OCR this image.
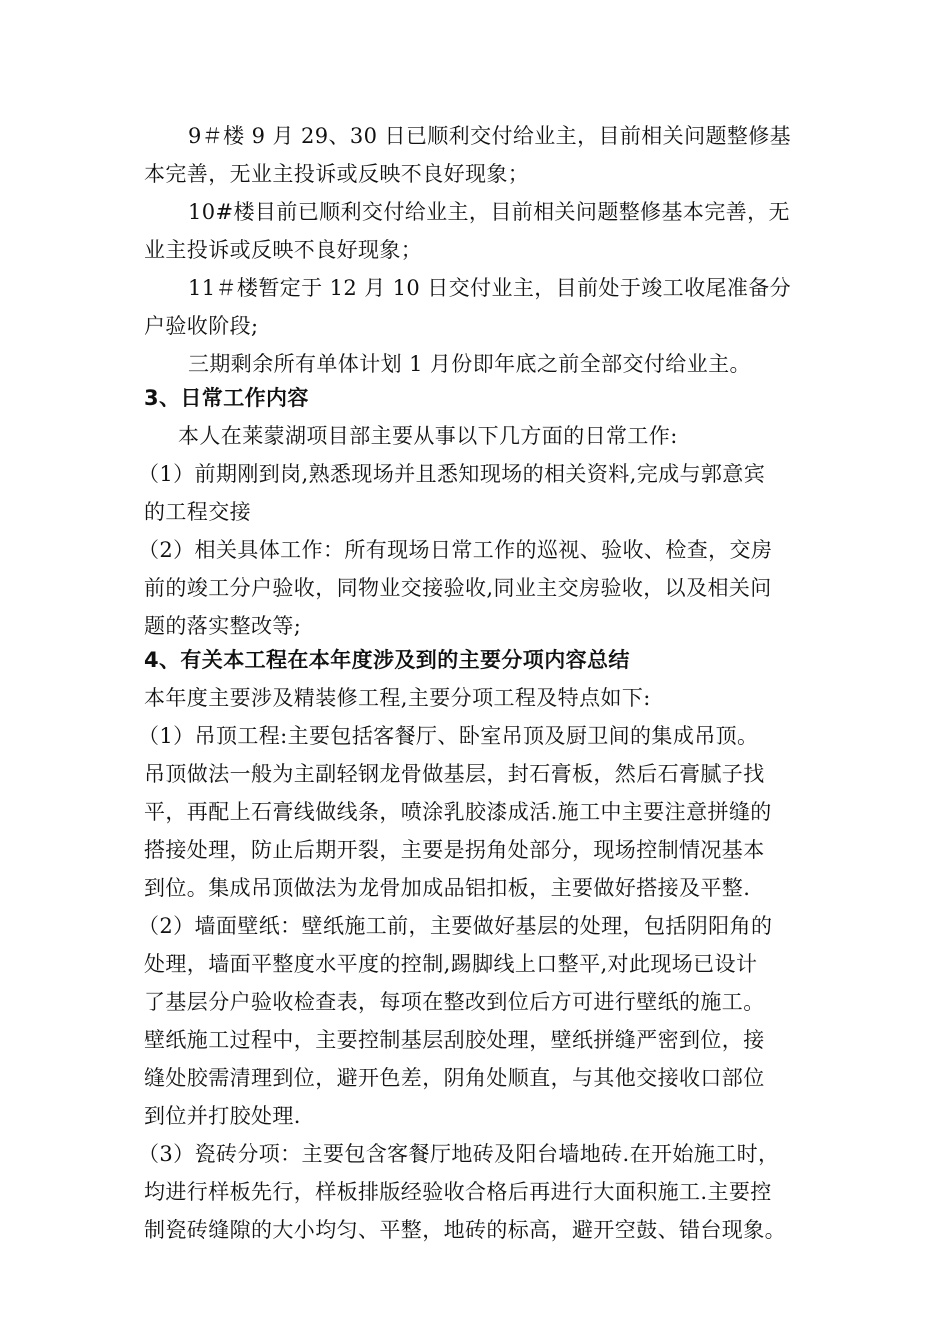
9＃楼 9 月 29、30 日已顺利交付给业主，目前相关问题整修基
本完善，无业主投诉或反映不良好现象；
10#楼目前已顺利交付给业主，目前相关问题整修基本完善，无
业主投诉或反映不良好现象；
11＃楼暂定于 12 月 10 日交付业主，目前处于竣工收尾准备分
户验收阶段;
三期剩余所有单体计划 1 月份即年底之前全部交付给业主。
3、日常工作内容
本人在莱蒙湖项目部主要从事以下几方面的日常工作:
（1）前期刚到岗,熟悉现场并且悉知现场的相关资料,完成与郭意宾
的工程交接
（2）相关具体工作：所有现场日常工作的巡视、验收、检查，交房
前的竣工分户验收，同物业交接验收,同业主交房验收，以及相关问
题的落实整改等;
4、有关本工程在本年度涉及到的主要分项内容总结
本年度主要涉及精装修工程,主要分项工程及特点如下:
（1）吊顶工程:主要包括客餐厅、卧室吊顶及厨卫间的集成吊顶。
吊顶做法一般为主副轻钢龙骨做基层，封石膏板，然后石膏腻子找
平，再配上石膏线做线条，喷涂乳胶漆成活.施工中主要注意拼缝的
搭接处理，防止后期开裂，主要是拐角处部分，现场控制情况基本
到位。集成吊顶做法为龙骨加成品铝扣板，主要做好搭接及平整.
（2）墙面壁纸：壁纸施工前，主要做好基层的处理，包括阴阳角的
处理，墙面平整度水平度的控制,踢脚线上口整平,对此现场已设计
了基层分户验收检查表，每项在整改到位后方可进行壁纸的施工。
壁纸施工过程中，主要控制基层刮胶处理，壁纸拼缝严密到位，接
缝处胶需清理到位，避开色差，阴角处顺直，与其他交接收口部位
到位并打胶处理.
（3）瓷砖分项：主要包含客餐厅地砖及阳台墙地砖.在开始施工时，
均进行样板先行，样板排版经验收合格后再进行大面积施工.主要控
制瓷砖缝隙的大小均匀、平整，地砖的标高，避开空鼓、错台现象。
